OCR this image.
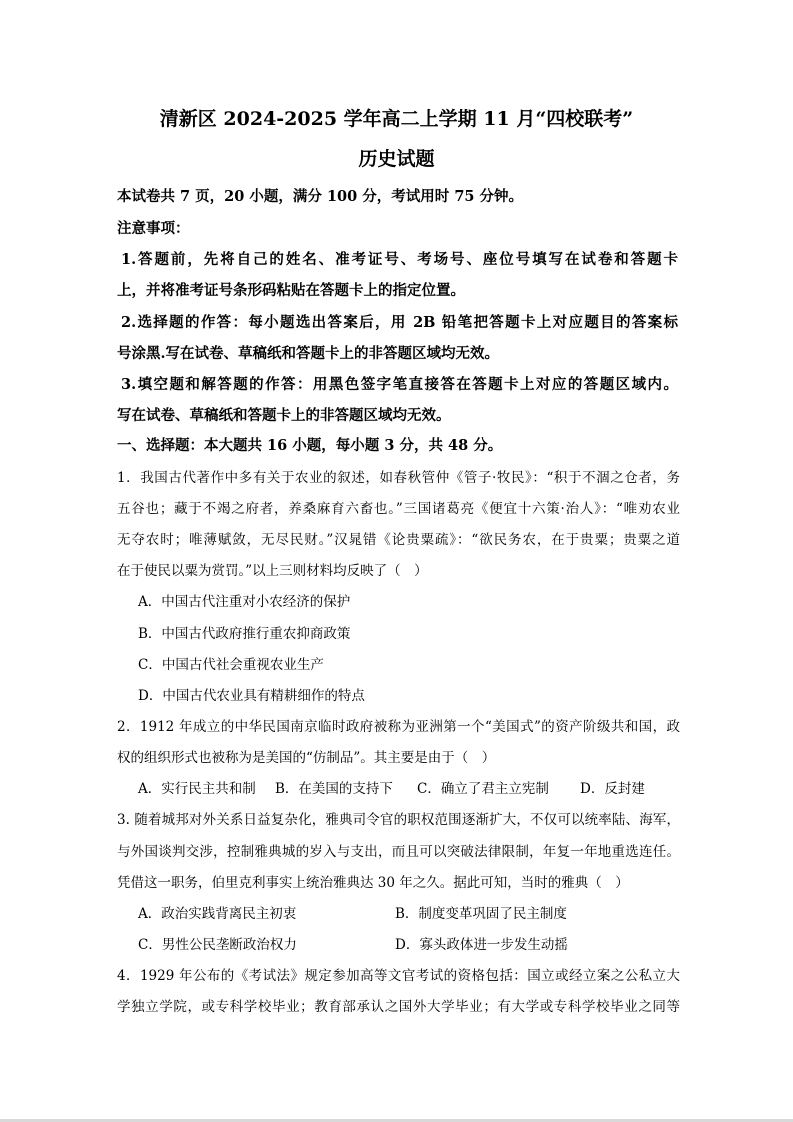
清新区 2024-2025 学年高二上学期 11 月“四校联考”
历史试题
本试卷共 7 页，20 小题，满分 100 分，考试用时 75 分钟。
注意事项：
1.答题前，先将自己的姓名、准考证号、考场号、座位号填写在试卷和答题卡
上，并将准考证号条形码粘贴在答题卡上的指定位置。
2.选择题的作答：每小题选出答案后，用 2B 铅笔把答题卡上对应题目的答案标
号涂黑.写在试卷、草稿纸和答题卡上的非答题区域均无效。
3.填空题和解答题的作答：用黑色签字笔直接答在答题卡上对应的答题区域内。
写在试卷、草稿纸和答题卡上的非答题区域均无效。
一、选择题：本大题共 16 小题，每小题 3 分，共 48 分。
1．我国古代著作中多有关于农业的叙述，如春秋管仲《管子·牧民》：“积于不涸之仓者，务
五谷也；藏于不竭之府者，养桑麻育六畜也。”三国诸葛亮《便宜十六策·治人》：“唯劝农业
无夺农时；唯薄赋敛，无尽民财。”汉晁错《论贵粟疏》：“欲民务农，在于贵粟；贵粟之道
在于使民以粟为赏罚。”以上三则材料均反映了（　）
A．中国古代注重对小农经济的保护
B．中国古代政府推行重农抑商政策
C．中国古代社会重视农业生产
D．中国古代农业具有精耕细作的特点
2．1912 年成立的中华民国南京临时政府被称为亚洲第一个“美国式”的资产阶级共和国，政
权的组织形式也被称为是美国的“仿制品”。其主要是由于（　）
A．实行民主共和制 B．在美国的支持下 C．确立了君主立宪制 D．反封建
3. 随着城邦对外关系日益复杂化，雅典司令官的职权范围逐渐扩大，不仅可以统率陆、海军，
与外国谈判交涉，控制雅典城的岁入与支出，而且可以突破法律限制，年复一年地重选连任。
凭借这一职务，伯里克利事实上统治雅典达 30 年之久。据此可知，当时的雅典（　）
A．政治实践背离民主初衷	B．制度变革巩固了民主制度
C．男性公民垄断政治权力	D．寡头政体进一步发生动摇
4．1929 年公布的《考试法》规定参加高等文官考试的资格包括：国立或经立案之公私立大
学独立学院，或专科学校毕业；教育部承认之国外大学毕业；有大学或专科学校毕业之同等
